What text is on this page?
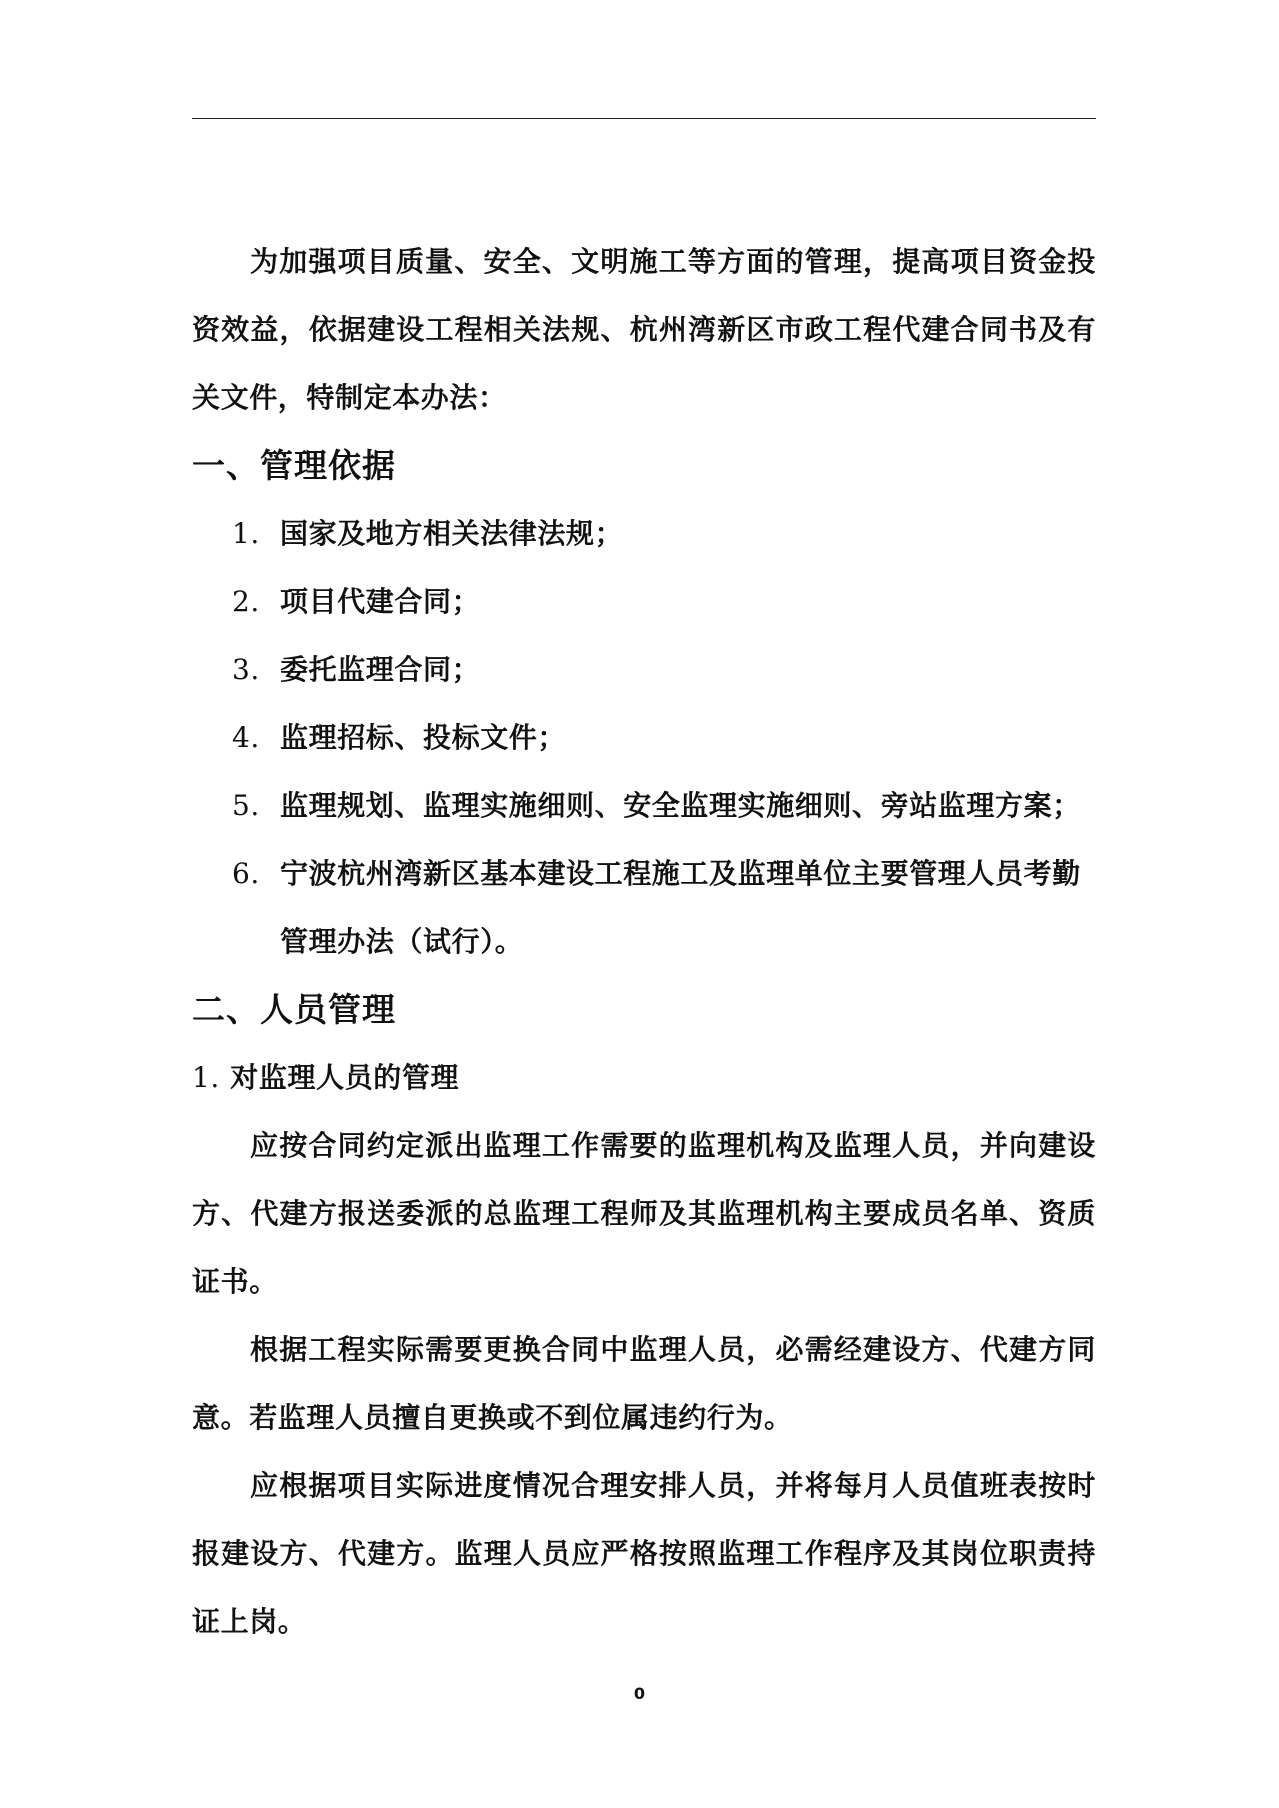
为加强项目质量、安全、文明施工等方面的管理，提高项目资金投资效益，依据建设工程相关法规、杭州湾新区市政工程代建合同书及有关文件，特制定本办法：

一、管理依据
1. 国家及地方相关法律法规；
2. 项目代建合同；
3. 委托监理合同；
4. 监理招标、投标文件；
5. 监理规划、监理实施细则、安全监理实施细则、旁站监理方案；
6. 宁波杭州湾新区基本建设工程施工及监理单位主要管理人员考勤管理办法（试行）。
二、人员管理

1. 对监理人员的管理

应按合同约定派出监理工作需要的监理机构及监理人员，并向建设方、代建方报送委派的总监理工程师及其监理机构主要成员名单、资质证书。

根据工程实际需要更换合同中监理人员，必需经建设方、代建方同意。若监理人员擅自更换或不到位属违约行为。

应根据项目实际进度情况合理安排人员，并将每月人员值班表按时报建设方、代建方。监理人员应严格按照监理工作程序及其岗位职责持证上岗。

0
